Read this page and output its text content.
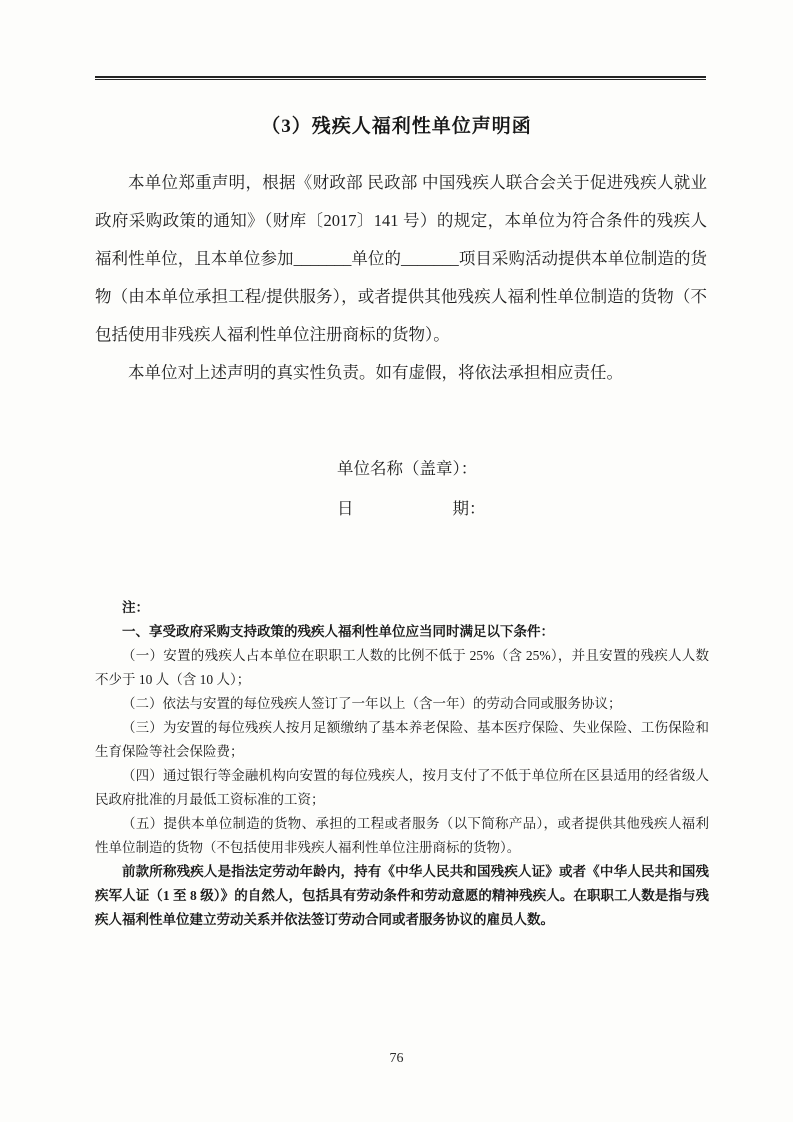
（3）残疾人福利性单位声明函

本单位郑重声明，根据《财政部 民政部 中国残疾人联合会关于促进残疾人就业政府采购政策的通知》（财库〔2017〕141 号）的规定，本单位为符合条件的残疾人福利性单位，且本单位参加_______单位的_______项目采购活动提供本单位制造的货物（由本单位承担工程/提供服务），或者提供其他残疾人福利性单位制造的货物（不包括使用非残疾人福利性单位注册商标的货物）。

本单位对上述声明的真实性负责。如有虚假，将依法承担相应责任。

单位名称（盖章）：
日　　　　　　期：

注：

一、享受政府采购支持政策的残疾人福利性单位应当同时满足以下条件：

（一）安置的残疾人占本单位在职职工人数的比例不低于 25%（含 25%），并且安置的残疾人人数不少于 10 人（含 10 人）；

（二）依法与安置的每位残疾人签订了一年以上（含一年）的劳动合同或服务协议；

（三）为安置的每位残疾人按月足额缴纳了基本养老保险、基本医疗保险、失业保险、工伤保险和生育保险等社会保险费；

（四）通过银行等金融机构向安置的每位残疾人，按月支付了不低于单位所在区县适用的经省级人民政府批准的月最低工资标准的工资；

（五）提供本单位制造的货物、承担的工程或者服务（以下简称产品），或者提供其他残疾人福利性单位制造的货物（不包括使用非残疾人福利性单位注册商标的货物）。

前款所称残疾人是指法定劳动年龄内，持有《中华人民共和国残疾人证》或者《中华人民共和国残疾军人证（1 至 8 级）》的自然人，包括具有劳动条件和劳动意愿的精神残疾人。在职职工人数是指与残疾人福利性单位建立劳动关系并依法签订劳动合同或者服务协议的雇员人数。

76
